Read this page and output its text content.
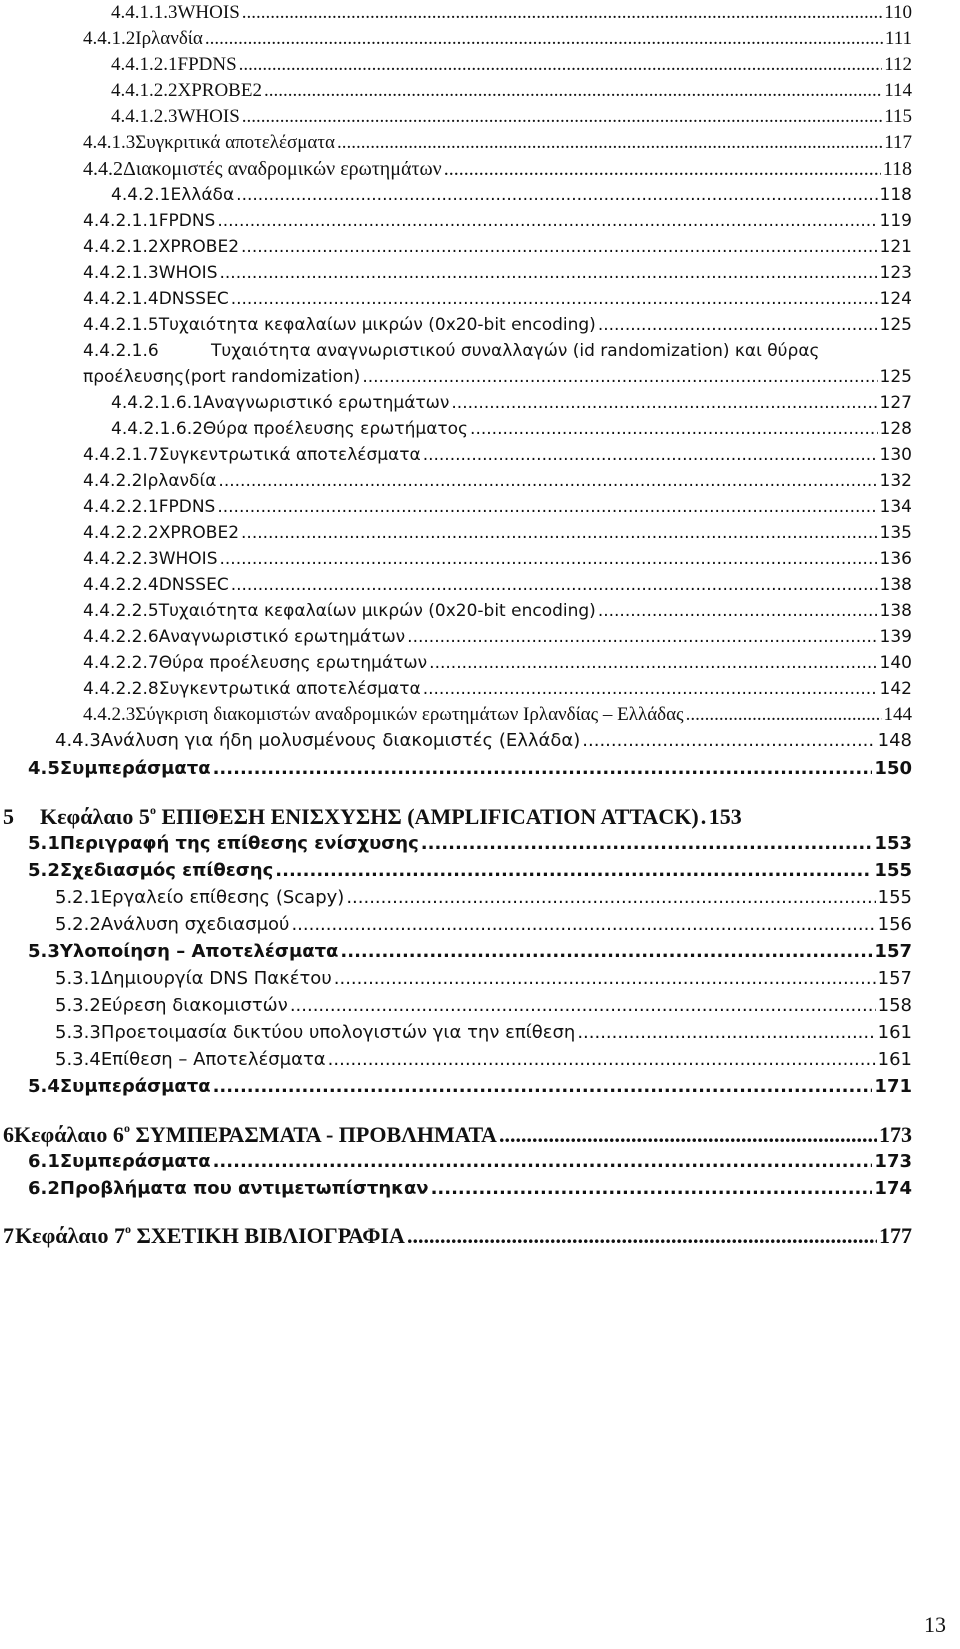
4.4.1.1.3 WHOIS .....	110
4.4.1.2 Ιρλανδία .....	111
4.4.1.2.1 FPDNS .....	112
4.4.1.2.2 XPROBE2 .....	114
4.4.1.2.3 WHOIS .....	115
4.4.1.3 Συγκριτικά αποτελέσματα .....	117
4.4.2 Διακομιστές αναδρομικών ερωτημάτων .....	118
4.4.2.1 Ελλάδα .....	118
4.4.2.1.1 FPDNS .....	119
4.4.2.1.2 XPROBE2 .....	121
4.4.2.1.3 WHOIS .....	123
4.4.2.1.4 DNSSEC .....	124
4.4.2.1.5 Τυχαιότητα κεφαλαίων μικρών (0x20-bit encoding) .....	125
4.4.2.1.6	Τυχαιότητα αναγνωριστικού συναλλαγών (id randomization) και θύρας
προέλευσης(port randomization) .....	125
4.4.2.1.6.1 Αναγνωριστικό ερωτημάτων .....	127
4.4.2.1.6.2 Θύρα προέλευσης ερωτήματος .....	128
4.4.2.1.7 Συγκεντρωτικά αποτελέσματα .....	130
4.4.2.2 Ιρλανδία .....	132
4.4.2.2.1 FPDNS .....	134
4.4.2.2.2 XPROBE2 .....	135
4.4.2.2.3 WHOIS .....	136
4.4.2.2.4 DNSSEC .....	138
4.4.2.2.5 Τυχαιότητα κεφαλαίων μικρών (0x20-bit encoding) .....	138
4.4.2.2.6 Αναγνωριστικό ερωτημάτων .....	139
4.4.2.2.7 Θύρα προέλευσης ερωτημάτων .....	140
4.4.2.2.8 Συγκεντρωτικά αποτελέσματα .....	142
4.4.2.3 Σύγκριση διακομιστών αναδρομικών ερωτημάτων Ιρλανδίας – Ελλάδας .....	144
4.4.3 Ανάλυση για ήδη μολυσμένους διακομιστές (Ελλάδα) .....	148
4.5 Συμπεράσματα .....	150
5	Κεφάλαιο $5^o$ ΕΠΙΘΕΣΗ ΕΝΙΣΧΥΣΗΣ (AMPLIFICATION ATTACK) ..... 153
5.1 Περιγραφή της επίθεσης ενίσχυσης .....	153
5.2 Σχεδιασμός επίθεσης .....	155
5.2.1 Εργαλείο επίθεσης (Scapy) .....	155
5.2.2 Ανάλυση σχεδιασμού .....	156
5.3 Υλοποίηση – Αποτελέσματα .....	157
5.3.1 Δημιουργία DNS Πακέτου .....	157
5.3.2 Εύρεση διακομιστών .....	158
5.3.3 Προετοιμασία δικτύου υπολογιστών για την επίθεση .....	161
5.3.4 Επίθεση – Αποτελέσματα .....	161
5.4 Συμπεράσματα .....	171
6 Κεφάλαιο $6^o$ ΣΥΜΠΕΡΑΣΜΑΤΑ - ΠΡΟΒΛΗΜΑΤΑ .....	173
6.1 Συμπεράσματα .....	173
6.2 Προβλήματα που αντιμετωπίστηκαν .....	174
7 Κεφάλαιο $7^o$ ΣΧΕΤΙΚΗ ΒΙΒΛΙΟΓΡΑΦΙΑ .....	177
13
